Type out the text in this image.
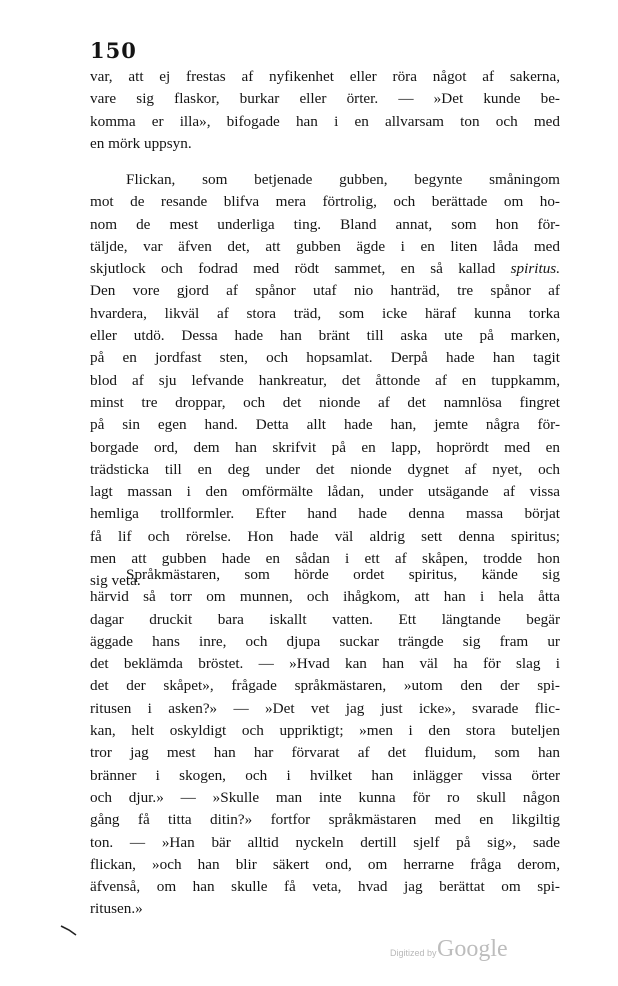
150
var, att ej frestas af nyfikenhet eller röra något af sakerna,
vare sig flaskor, burkar eller örter. — »Det kunde be-
komma er illa», bifogade han i en allvarsam ton och med
en mörk uppsyn.
Flickan, som betjenade gubben, begynte småningom
mot de resande blifva mera förtrolig, och berättade om ho-
nom de mest underliga ting. Bland annat, som hon för-
täljde, var äfven det, att gubben ägde i en liten låda med
skjutlock och fodrad med rödt sammet, en så kallad spiritus.
Den vore gjord af spånor utaf nio hanträd, tre spånor af
hvardera, likväl af stora träd, som icke häraf kunna torka
eller utdö. Dessa hade han bränt till aska ute på marken,
på en jordfast sten, och hopsamlat. Derpå hade han tagit
blod af sju lefvande hankreatur, det åttonde af en tuppkamm,
minst tre droppar, och det nionde af det namnlösa fingret
på sin egen hand. Detta allt hade han, jemte några för-
borgade ord, dem han skrifvit på en lapp, hoprördt med en
trädsticka till en deg under det nionde dygnet af nyet, och
lagt massan i den omförmälte lådan, under utsägande af vissa
hemliga trollformler. Efter hand hade denna massa börjat
få lif och rörelse. Hon hade väl aldrig sett denna spiritus;
men att gubben hade en sådan i ett af skåpen, trodde hon
sig veta.
Språkmästaren, som hörde ordet spiritus, kände sig
härvid så torr om munnen, och ihågkom, att han i hela åtta
dagar druckit bara iskallt vatten. Ett längtande begär
äggade hans inre, och djupa suckar trängde sig fram ur
det beklämda bröstet. — »Hvad kan han väl ha för slag i
det der skåpet», frågade språkmästaren, »utom den der spi-
ritusen i asken?» — »Det vet jag just icke», svarade flic-
kan, helt oskyldigt och uppriktigt; »men i den stora buteljen
tror jag mest han har förvarat af det fluidum, som han
bränner i skogen, och i hvilket han inlägger vissa örter
och djur.» — »Skulle man inte kunna för ro skull någon
gång få titta ditin?» fortfor språkmästaren med en likgiltig
ton. — »Han bär alltid nyckeln dertill sjelf på sig», sade
flickan, »och han blir säkert ond, om herrarne fråga derom,
äfvenså, om han skulle få veta, hvad jag berättat om spi-
ritusen.»
Digitized by Google
